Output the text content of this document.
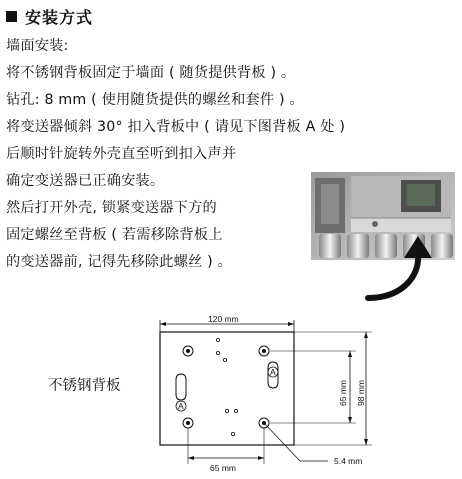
安装方式
墙面安装:
将不锈钢背板固定于墙面 ( 随货提供背板 ) 。
钻孔: 8 mm ( 使用随货提供的螺丝和套件 ) 。
将变送器倾斜 30° 扣入背板中 ( 请见下图背板 A 处 )
后顺时针旋转外壳直至听到扣入声并
确定变送器已正确安装。
然后打开外壳, 锁紧变送器下方的
固定螺丝至背板 ( 若需移除背板上
的变送器前, 记得先移除此螺丝 ) 。
不锈钢背板
120 mm
A
A
65 mm 98 mm
65 mm
5.4 mm
